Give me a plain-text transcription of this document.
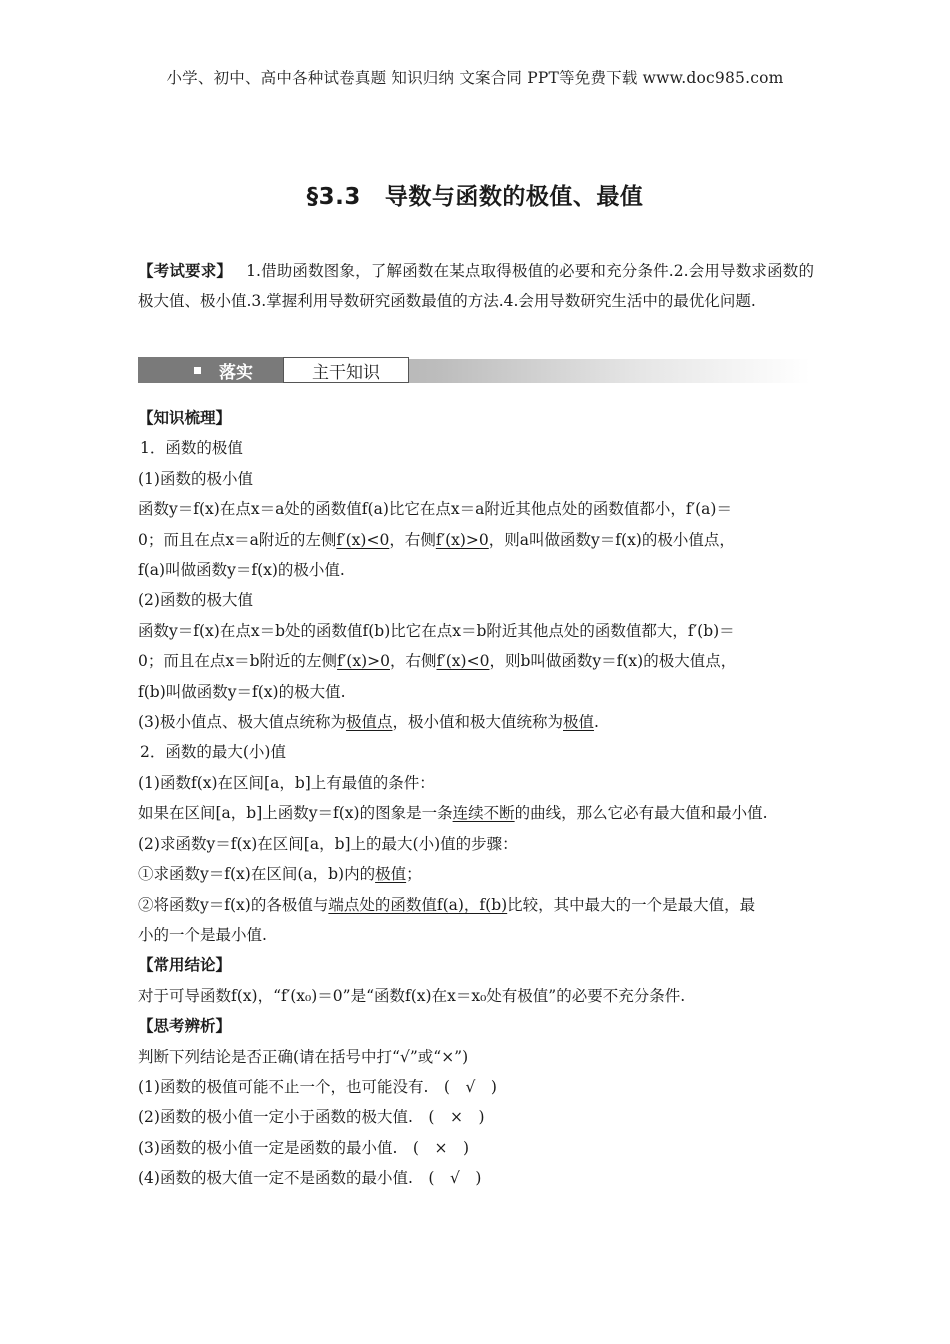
小学、初中、高中各种试卷真题 知识归纳 文案合同 PPT等免费下载 www.doc985.com
§3.3 导数与函数的极值、最值
【考试要求】 1.借助函数图象，了解函数在某点取得极值的必要和充分条件.2.会用导数求函数的极大值、极小值.3.掌握利用导数研究函数最值的方法.4.会用导数研究生活中的最优化问题.
落实	主干知识

【知识梳理】

1．函数的极值

(1)函数的极小值

函数y＝f(x)在点x＝a处的函数值f(a)比它在点x＝a附近其他点处的函数值都小，f′(a)＝

0；而且在点x＝a附近的左侧f′(x)<0，右侧f′(x)>0，则a叫做函数y＝f(x)的极小值点，

f(a)叫做函数y＝f(x)的极小值.

(2)函数的极大值

函数y＝f(x)在点x＝b处的函数值f(b)比它在点x＝b附近其他点处的函数值都大，f′(b)＝

0；而且在点x＝b附近的左侧f′(x)>0，右侧f′(x)<0，则b叫做函数y＝f(x)的极大值点，

f(b)叫做函数y＝f(x)的极大值.

(3)极小值点、极大值点统称为极值点，极小值和极大值统称为极值.

2．函数的最大(小)值

(1)函数f(x)在区间[a，b]上有最值的条件：

如果在区间[a，b]上函数y＝f(x)的图象是一条连续不断的曲线，那么它必有最大值和最小值.

(2)求函数y＝f(x)在区间[a，b]上的最大(小)值的步骤：

①求函数y＝f(x)在区间(a，b)内的极值；

②将函数y＝f(x)的各极值与端点处的函数值f(a)，f(b)比较，其中最大的一个是最大值，最

小的一个是最小值.

【常用结论】

对于可导函数f(x)，“f′(x₀)＝0”是“函数f(x)在x＝x₀处有极值”的必要不充分条件.

【思考辨析】

判断下列结论是否正确(请在括号中打“√”或“×”)

(1)函数的极值可能不止一个，也可能没有.　 (　√　)

(2)函数的极小值一定小于函数的极大值.　 (　×　)

(3)函数的极小值一定是函数的最小值.　 (　×　)

(4)函数的极大值一定不是函数的最小值.　 (　√　)
